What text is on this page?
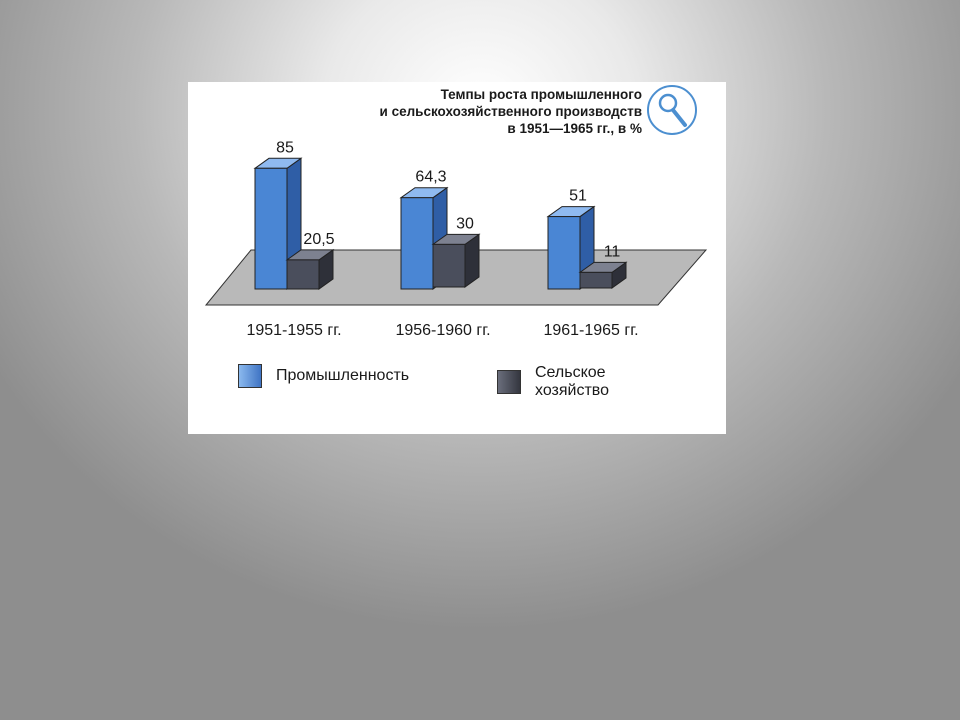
Темпы роста промышленного
и сельскохозяйственного производств
в 1951—1965 гг., в %
85
20,5
64,3
30
51
11
1951-1955 гг.	1956-1960 гг.	1961-1965 гг.
Промышленность	Сельское
хозяйство
